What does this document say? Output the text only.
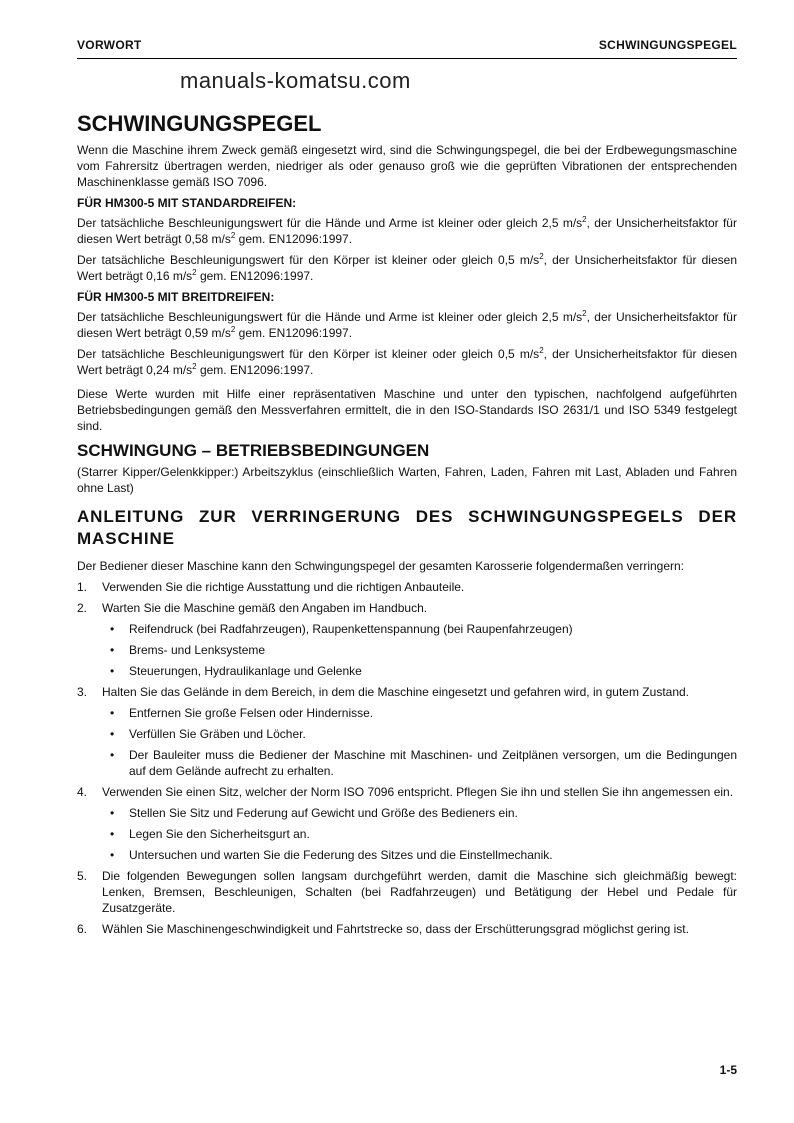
VORWORT	SCHWINGUNGSPEGEL
manuals-komatsu.com
SCHWINGUNGSPEGEL

Wenn die Maschine ihrem Zweck gemäß eingesetzt wird, sind die Schwingungspegel, die bei der Erdbewegungsmaschine vom Fahrersitz übertragen werden, niedriger als oder genauso groß wie die geprüften Vibrationen der entsprechenden Maschinenklasse gemäß ISO 7096.

FÜR HM300-5 MIT STANDARDREIFEN:

Der tatsächliche Beschleunigungswert für die Hände und Arme ist kleiner oder gleich 2,5 $m/s^2$, der Unsicherheitsfaktor für diesen Wert beträgt 0,58 $m/s^2$ gem. EN12096:1997.

Der tatsächliche Beschleunigungswert für den Körper ist kleiner oder gleich 0,5 $m/s^2$, der Unsicherheitsfaktor für diesen Wert beträgt 0,16 $m/s^2$ gem. EN12096:1997.

FÜR HM300-5 MIT BREITDREIFEN:

Der tatsächliche Beschleunigungswert für die Hände und Arme ist kleiner oder gleich 2,5 $m/s^2$, der Unsicherheitsfaktor für diesen Wert beträgt 0,59 $m/s^2$ gem. EN12096:1997.

Der tatsächliche Beschleunigungswert für den Körper ist kleiner oder gleich 0,5 $m/s^2$, der Unsicherheitsfaktor für diesen Wert beträgt 0,24 $m/s^2$ gem. EN12096:1997.

Diese Werte wurden mit Hilfe einer repräsentativen Maschine und unter den typischen, nachfolgend aufgeführten Betriebsbedingungen gemäß den Messverfahren ermittelt, die in den ISO-Standards ISO 2631/1 und ISO 5349 festgelegt sind.

SCHWINGUNG – BETRIEBSBEDINGUNGEN

(Starrer Kipper/Gelenkkipper:) Arbeitszyklus (einschließlich Warten, Fahren, Laden, Fahren mit Last, Abladen und Fahren ohne Last)

ANLEITUNG ZUR VERRINGERUNG DES SCHWINGUNGSPEGELS DER MASCHINE

Der Bediener dieser Maschine kann den Schwingungspegel der gesamten Karosserie folgendermaßen verringern:

1. Verwenden Sie die richtige Ausstattung und die richtigen Anbauteile.
2. Warten Sie die Maschine gemäß den Angaben im Handbuch.
• Reifendruck (bei Radfahrzeugen), Raupenkettenspannung (bei Raupenfahrzeugen)
• Brems- und Lenksysteme
• Steuerungen, Hydraulikanlage und Gelenke
3. Halten Sie das Gelände in dem Bereich, in dem die Maschine eingesetzt und gefahren wird, in gutem Zustand.
• Entfernen Sie große Felsen oder Hindernisse.
• Verfüllen Sie Gräben und Löcher.
• Der Bauleiter muss die Bediener der Maschine mit Maschinen- und Zeitplänen versorgen, um die Bedingungen auf dem Gelände aufrecht zu erhalten.
4. Verwenden Sie einen Sitz, welcher der Norm ISO 7096 entspricht. Pflegen Sie ihn und stellen Sie ihn angemessen ein.
• Stellen Sie Sitz und Federung auf Gewicht und Größe des Bedieners ein.
• Legen Sie den Sicherheitsgurt an.
• Untersuchen und warten Sie die Federung des Sitzes und die Einstellmechanik.
5. Die folgenden Bewegungen sollen langsam durchgeführt werden, damit die Maschine sich gleichmäßig bewegt: Lenken, Bremsen, Beschleunigen, Schalten (bei Radfahrzeugen) und Betätigung der Hebel und Pedale für Zusatzgeräte.
6. Wählen Sie Maschinengeschwindigkeit und Fahrtstrecke so, dass der Erschütterungsgrad möglichst gering ist.
1-5
